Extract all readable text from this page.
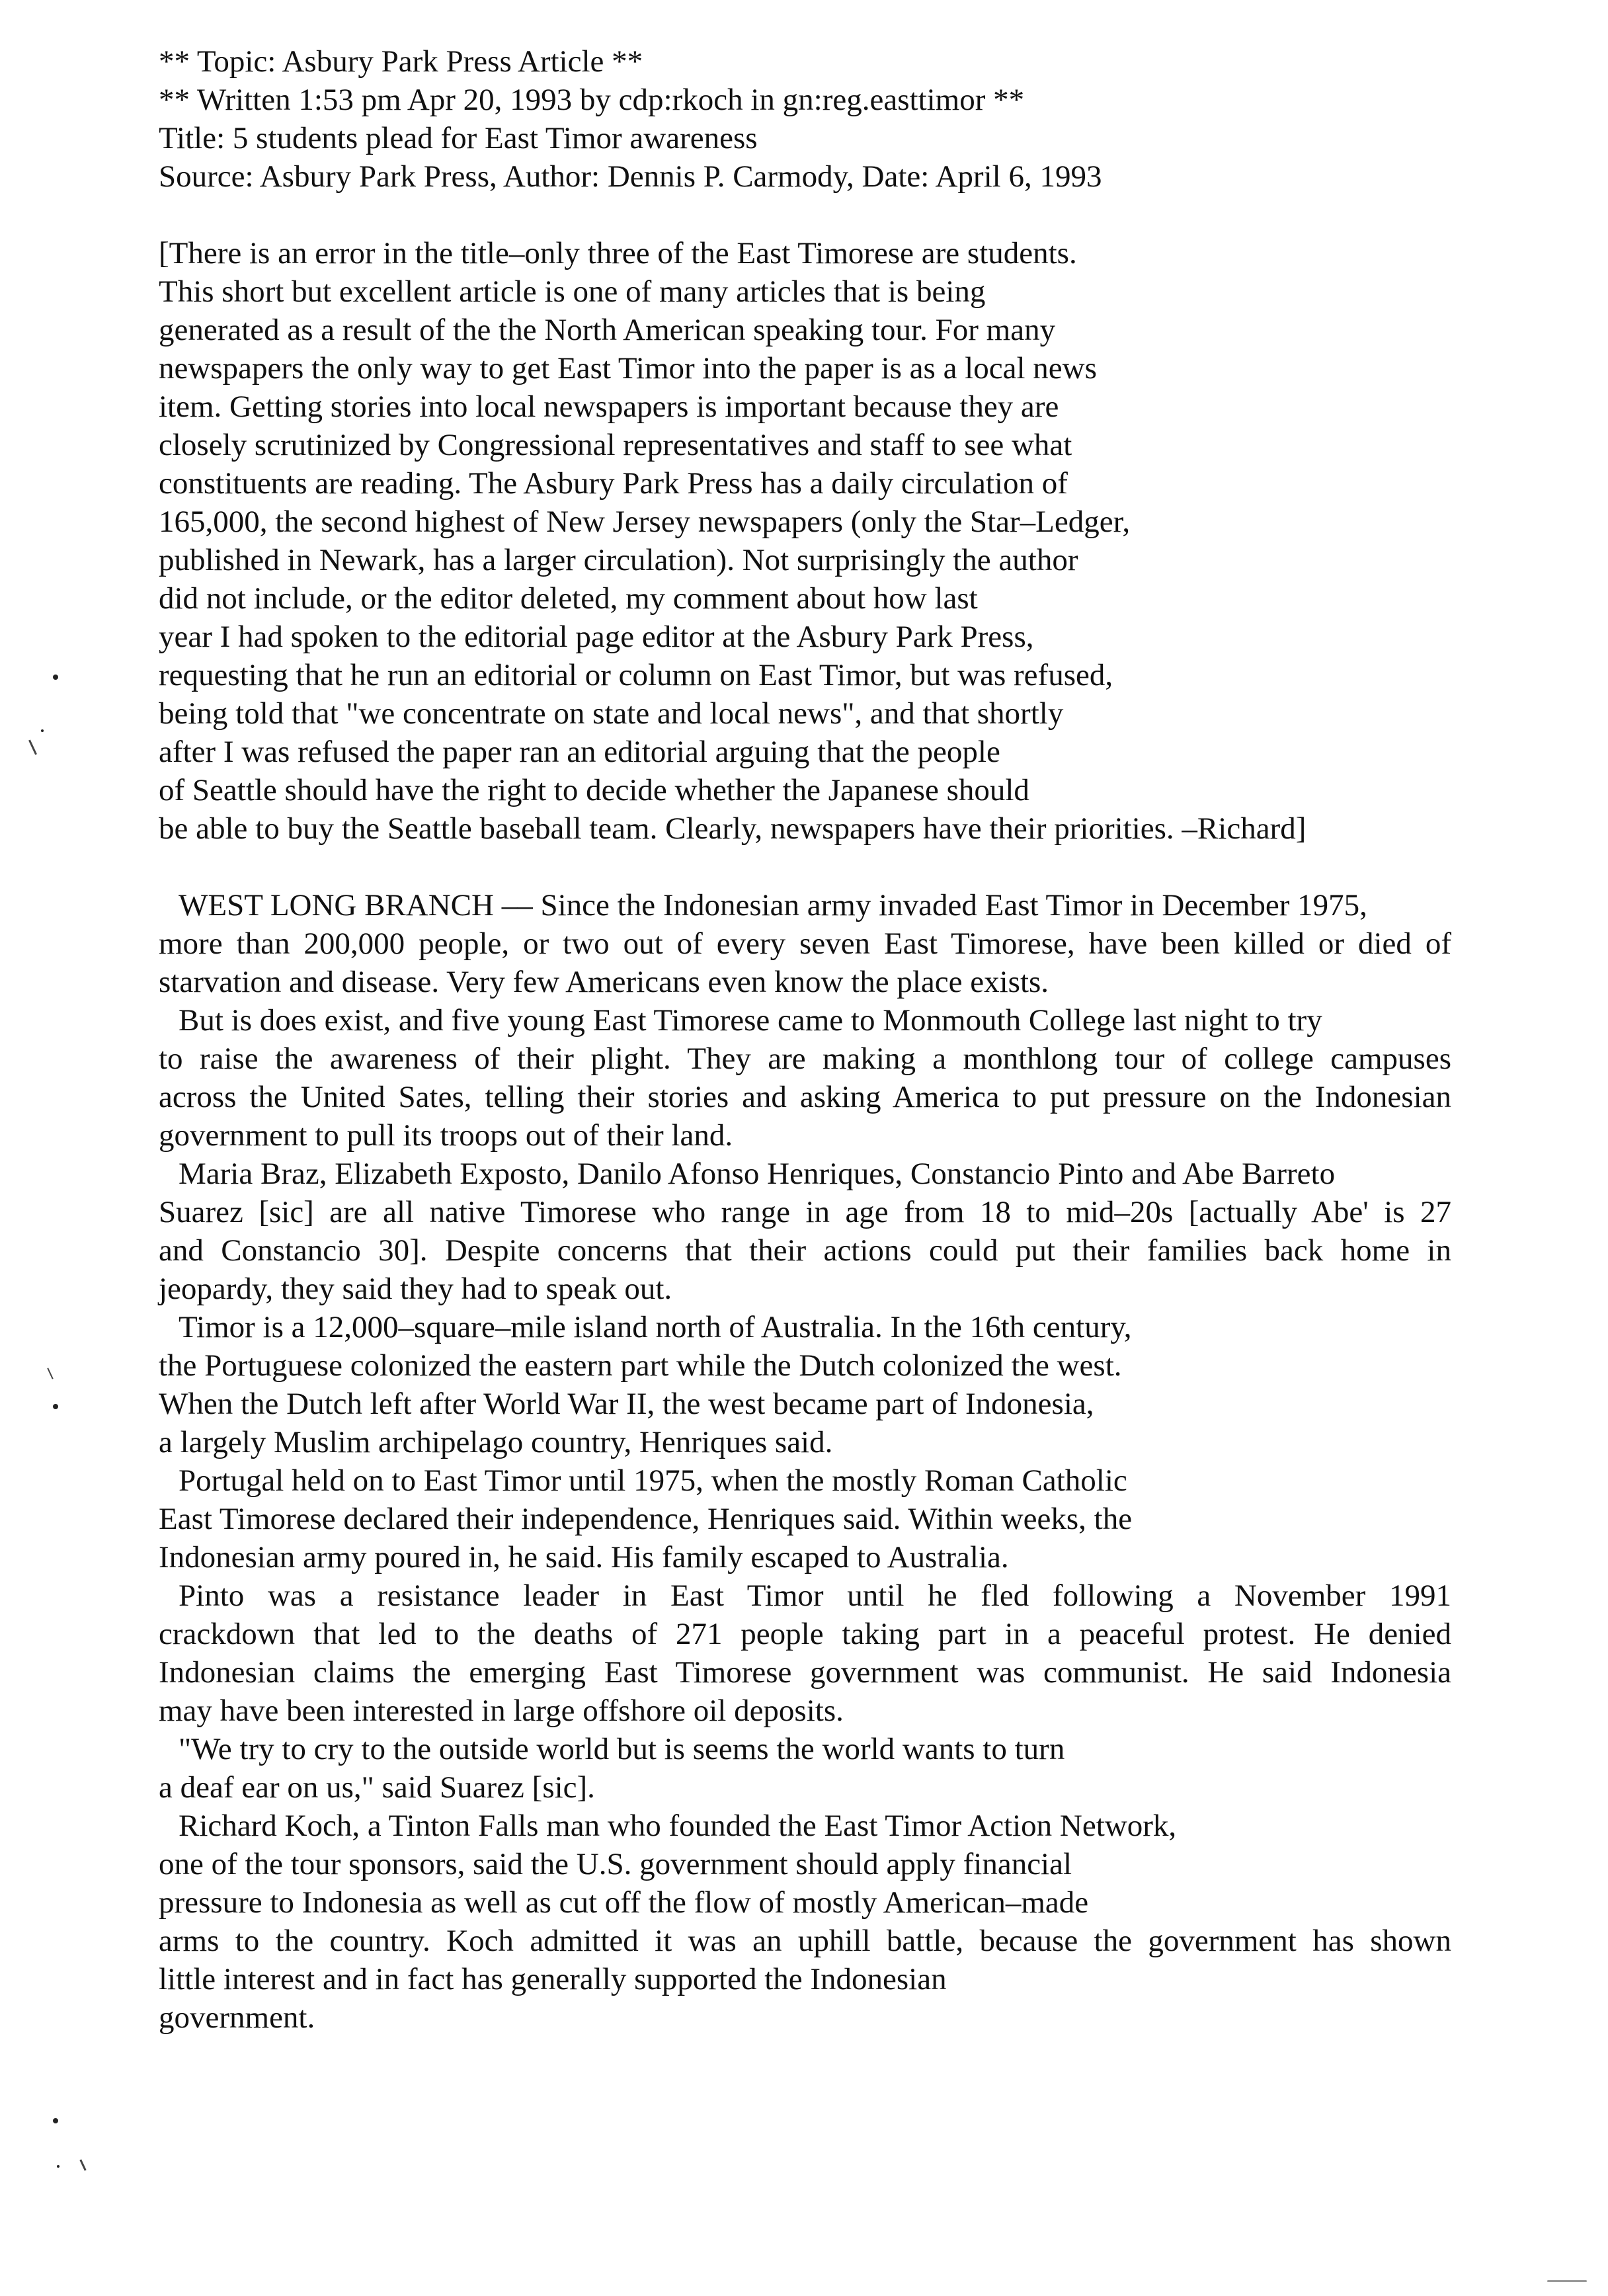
** Topic: Asbury Park Press Article **
** Written 1:53 pm Apr 20, 1993 by cdp:rkoch in gn:reg.easttimor **
Title: 5 students plead for East Timor awareness
Source: Asbury Park Press, Author: Dennis P. Carmody, Date: April 6, 1993
[There is an error in the title–only three of the East Timorese are students.
This short but excellent article is one of many articles that is being
generated as a result of the the North American speaking tour. For many
newspapers the only way to get East Timor into the paper is as a local news
item. Getting stories into local newspapers is important because they are
closely scrutinized by Congressional representatives and staff to see what
constituents are reading. The Asbury Park Press has a daily circulation of
165,000, the second highest of New Jersey newspapers (only the Star–Ledger,
published in Newark, has a larger circulation). Not surprisingly the author
did not include, or the editor deleted, my comment about how last
year I had spoken to the editorial page editor at the Asbury Park Press,
requesting that he run an editorial or column on East Timor, but was refused,
being told that "we concentrate on state and local news", and that shortly
after I was refused the paper ran an editorial arguing that the people
of Seattle should have the right to decide whether the Japanese should
be able to buy the Seattle baseball team. Clearly, newspapers have their priorities. –Richard]
WEST LONG BRANCH –– Since the Indonesian army invaded East Timor in December 1975,
more than 200,000 people, or two out of every seven East Timorese, have been killed or died of
starvation and disease. Very few Americans even know the place exists.
But is does exist, and five young East Timorese came to Monmouth College last night to try
to raise the awareness of their plight. They are making a monthlong tour of college campuses
across the United Sates, telling their stories and asking America to put pressure on the Indonesian
government to pull its troops out of their land.
Maria Braz, Elizabeth Exposto, Danilo Afonso Henriques, Constancio Pinto and Abe Barreto
Suarez [sic] are all native Timorese who range in age from 18 to mid–20s [actually Abe' is 27
and Constancio 30]. Despite concerns that their actions could put their families back home in
jeopardy, they said they had to speak out.
Timor is a 12,000–square–mile island north of Australia. In the 16th century,
the Portuguese colonized the eastern part while the Dutch colonized the west.
When the Dutch left after World War II, the west became part of Indonesia,
a largely Muslim archipelago country, Henriques said.
Portugal held on to East Timor until 1975, when the mostly Roman Catholic
East Timorese declared their independence, Henriques said. Within weeks, the
Indonesian army poured in, he said. His family escaped to Australia.
Pinto was a resistance leader in East Timor until he fled following a November 1991
crackdown that led to the deaths of 271 people taking part in a peaceful protest. He denied
Indonesian claims the emerging East Timorese government was communist. He said Indonesia
may have been interested in large offshore oil deposits.
"We try to cry to the outside world but is seems the world wants to turn
a deaf ear on us," said Suarez [sic].
Richard Koch, a Tinton Falls man who founded the East Timor Action Network,
one of the tour sponsors, said the U.S. government should apply financial
pressure to Indonesia as well as cut off the flow of mostly American–made
arms to the country. Koch admitted it was an uphill battle, because the government has shown
little interest and in fact has generally supported the Indonesian
government.
